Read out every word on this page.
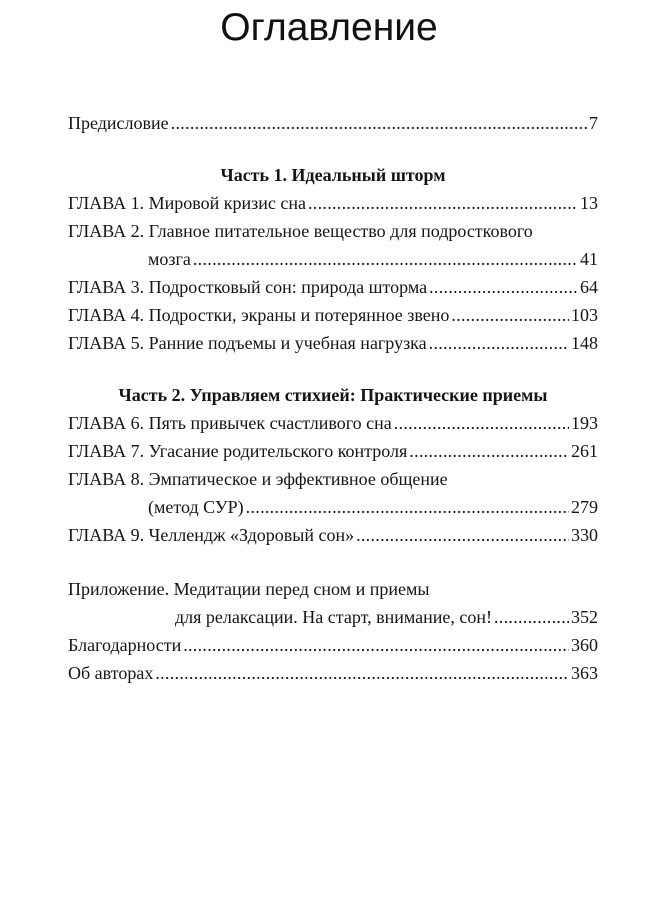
Оглавление
Предисловие .....	7
Часть 1. Идеальный шторм
ГЛАВА 1. Мировой кризис сна .....	13
ГЛАВА 2. Главное питательное вещество для подросткового
мозга .....	41
ГЛАВА 3. Подростковый сон: природа шторма .....	64
ГЛАВА 4. Подростки, экраны и потерянное звено .....	103
ГЛАВА 5. Ранние подъемы и учебная нагрузка .....	148
Часть 2. Управляем стихией: Практические приемы
ГЛАВА 6. Пять привычек счастливого сна .....	193
ГЛАВА 7. Угасание родительского контроля .....	261
ГЛАВА 8. Эмпатическое и эффективное общение
(метод СУР) .....	279
ГЛАВА 9. Челлендж «Здоровый сон» .....	330
Приложение. Медитации перед сном и приемы
для релаксации. На старт, внимание, сон! .....	352
Благодарности .....	360
Об авторах .....	363
